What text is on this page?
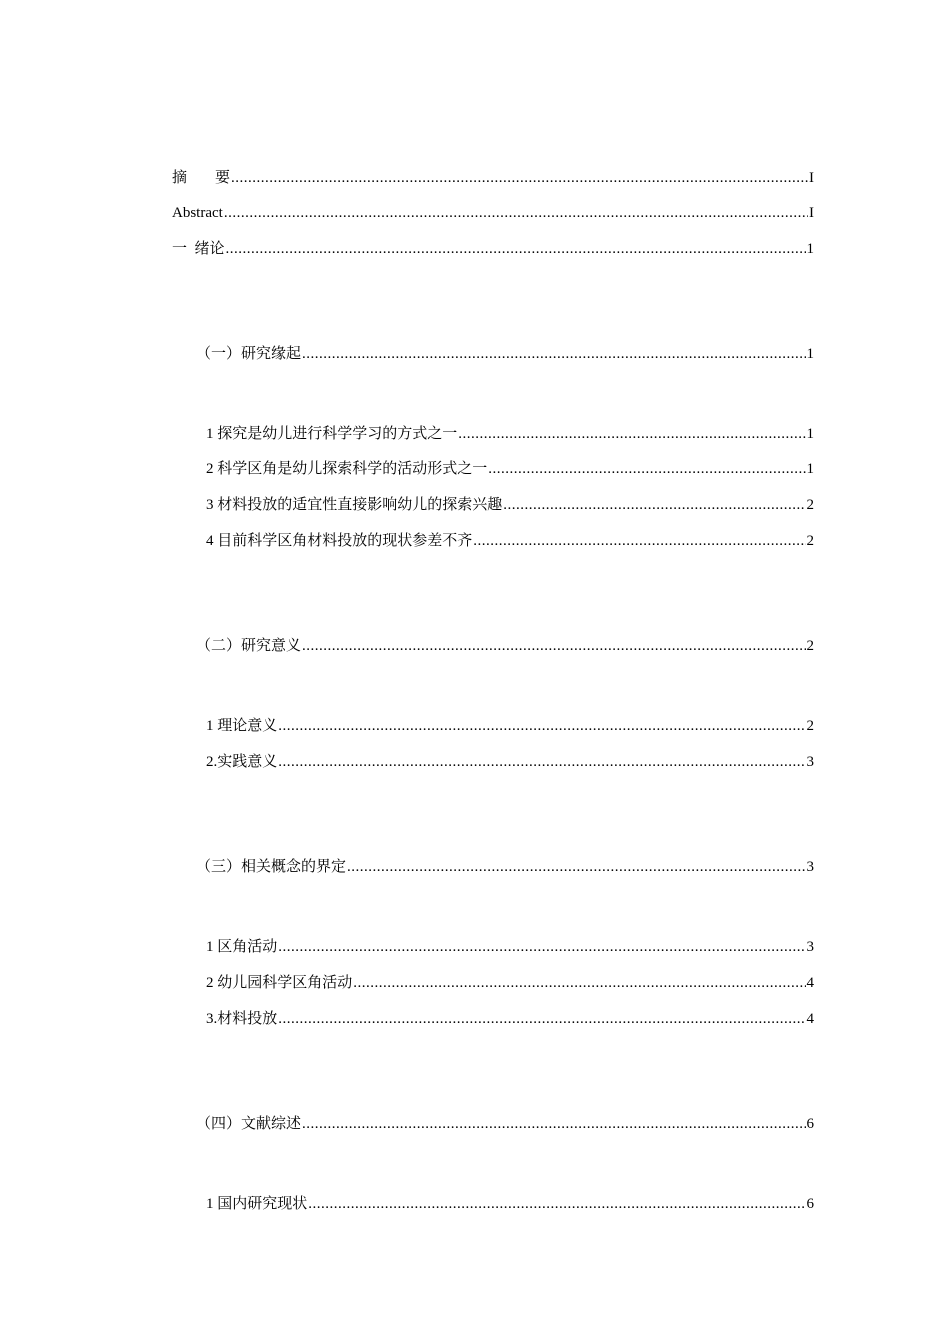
摘要 .....	I
Abstract .....	I
一  绪论 .....	1
（一）研究缘起 .....	1
1 探究是幼儿进行科学学习的方式之一 .....	1
2 科学区角是幼儿探索科学的活动形式之一 .....	1
3 材料投放的适宜性直接影响幼儿的探索兴趣 .....	2
4 目前科学区角材料投放的现状参差不齐 .....	2
（二）研究意义 .....	2
1 理论意义 .....	2
2.实践意义 .....	3
（三）相关概念的界定 .....	3
1 区角活动 .....	3
2 幼儿园科学区角活动 .....	4
3.材料投放 .....	4
（四）文献综述 .....	6
1 国内研究现状 .....	6
